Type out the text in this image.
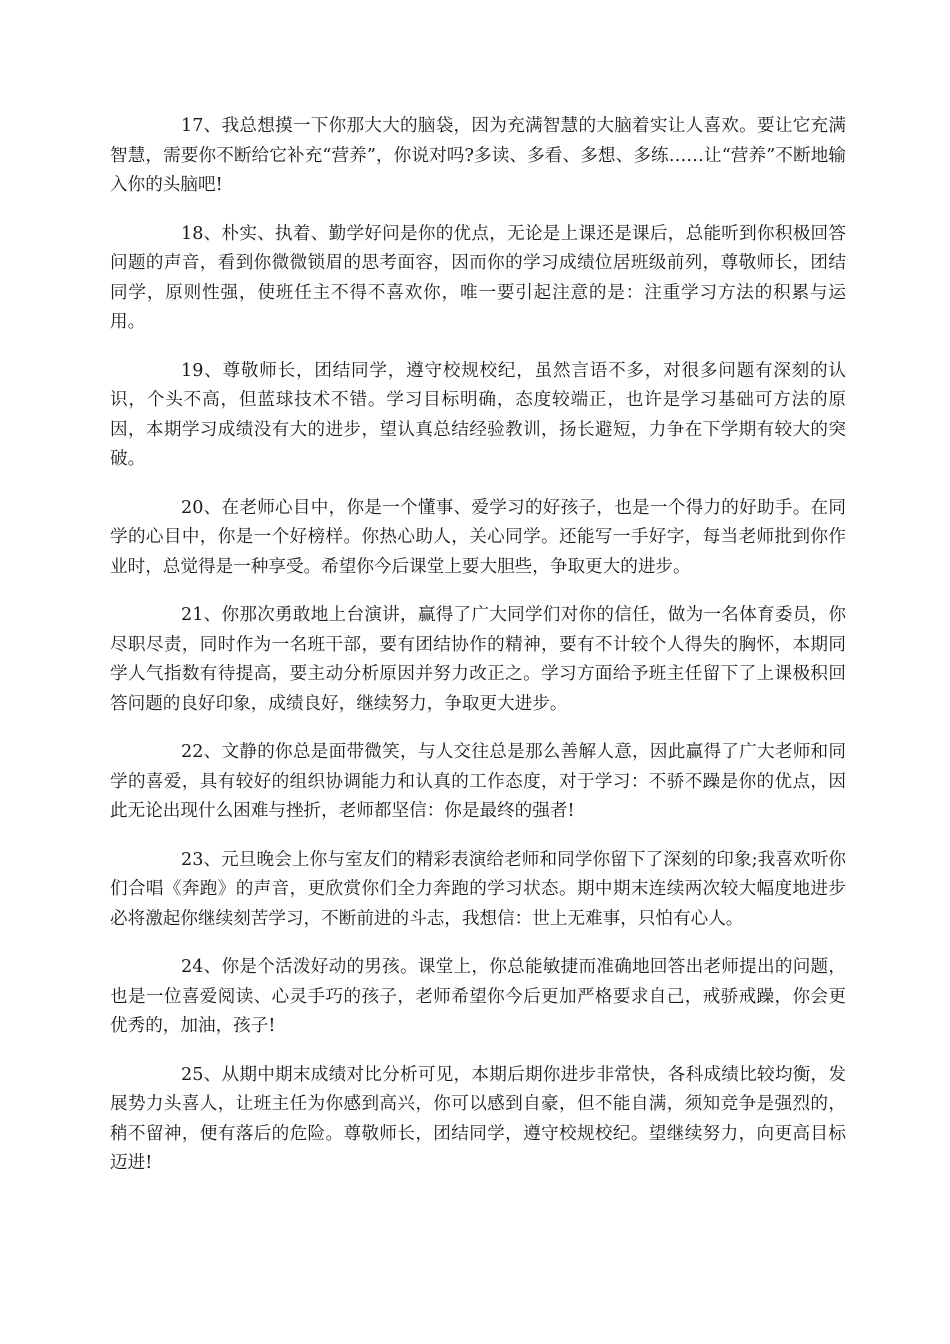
17、我总想摸一下你那大大的脑袋，因为充满智慧的大脑着实让人喜欢。要让它充满智慧，需要你不断给它补充“营养”，你说对吗?多读、多看、多想、多练……让“营养”不断地输入你的头脑吧!

18、朴实、执着、勤学好问是你的优点，无论是上课还是课后，总能听到你积极回答问题的声音，看到你微微锁眉的思考面容，因而你的学习成绩位居班级前列，尊敬师长，团结同学，原则性强，使班任主不得不喜欢你，唯一要引起注意的是：注重学习方法的积累与运用。

19、尊敬师长，团结同学，遵守校规校纪，虽然言语不多，对很多问题有深刻的认识，个头不高，但蓝球技术不错。学习目标明确，态度较端正，也许是学习基础可方法的原因，本期学习成绩没有大的进步，望认真总结经验教训，扬长避短，力争在下学期有较大的突破。

20、在老师心目中，你是一个懂事、爱学习的好孩子，也是一个得力的好助手。在同学的心目中，你是一个好榜样。你热心助人，关心同学。还能写一手好字，每当老师批到你作业时，总觉得是一种享受。希望你今后课堂上要大胆些，争取更大的进步。

21、你那次勇敢地上台演讲，赢得了广大同学们对你的信任，做为一名体育委员，你尽职尽责，同时作为一名班干部，要有团结协作的精神，要有不计较个人得失的胸怀，本期同学人气指数有待提高，要主动分析原因并努力改正之。学习方面给予班主任留下了上课极积回答问题的良好印象，成绩良好，继续努力，争取更大进步。

22、文静的你总是面带微笑，与人交往总是那么善解人意，因此赢得了广大老师和同学的喜爱，具有较好的组织协调能力和认真的工作态度，对于学习：不骄不躁是你的优点，因此无论出现什么困难与挫折，老师都坚信：你是最终的强者!

23、元旦晚会上你与室友们的精彩表演给老师和同学你留下了深刻的印象;我喜欢听你们合唱《奔跑》的声音，更欣赏你们全力奔跑的学习状态。期中期末连续两次较大幅度地进步必将激起你继续刻苦学习，不断前进的斗志，我想信：世上无难事，只怕有心人。

24、你是个活泼好动的男孩。课堂上，你总能敏捷而准确地回答出老师提出的问题，也是一位喜爱阅读、心灵手巧的孩子，老师希望你今后更加严格要求自己，戒骄戒躁，你会更优秀的，加油，孩子!

25、从期中期末成绩对比分析可见，本期后期你进步非常快，各科成绩比较均衡，发展势力头喜人，让班主任为你感到高兴，你可以感到自豪，但不能自满，须知竞争是强烈的，稍不留神，便有落后的危险。尊敬师长，团结同学，遵守校规校纪。望继续努力，向更高目标迈进!
